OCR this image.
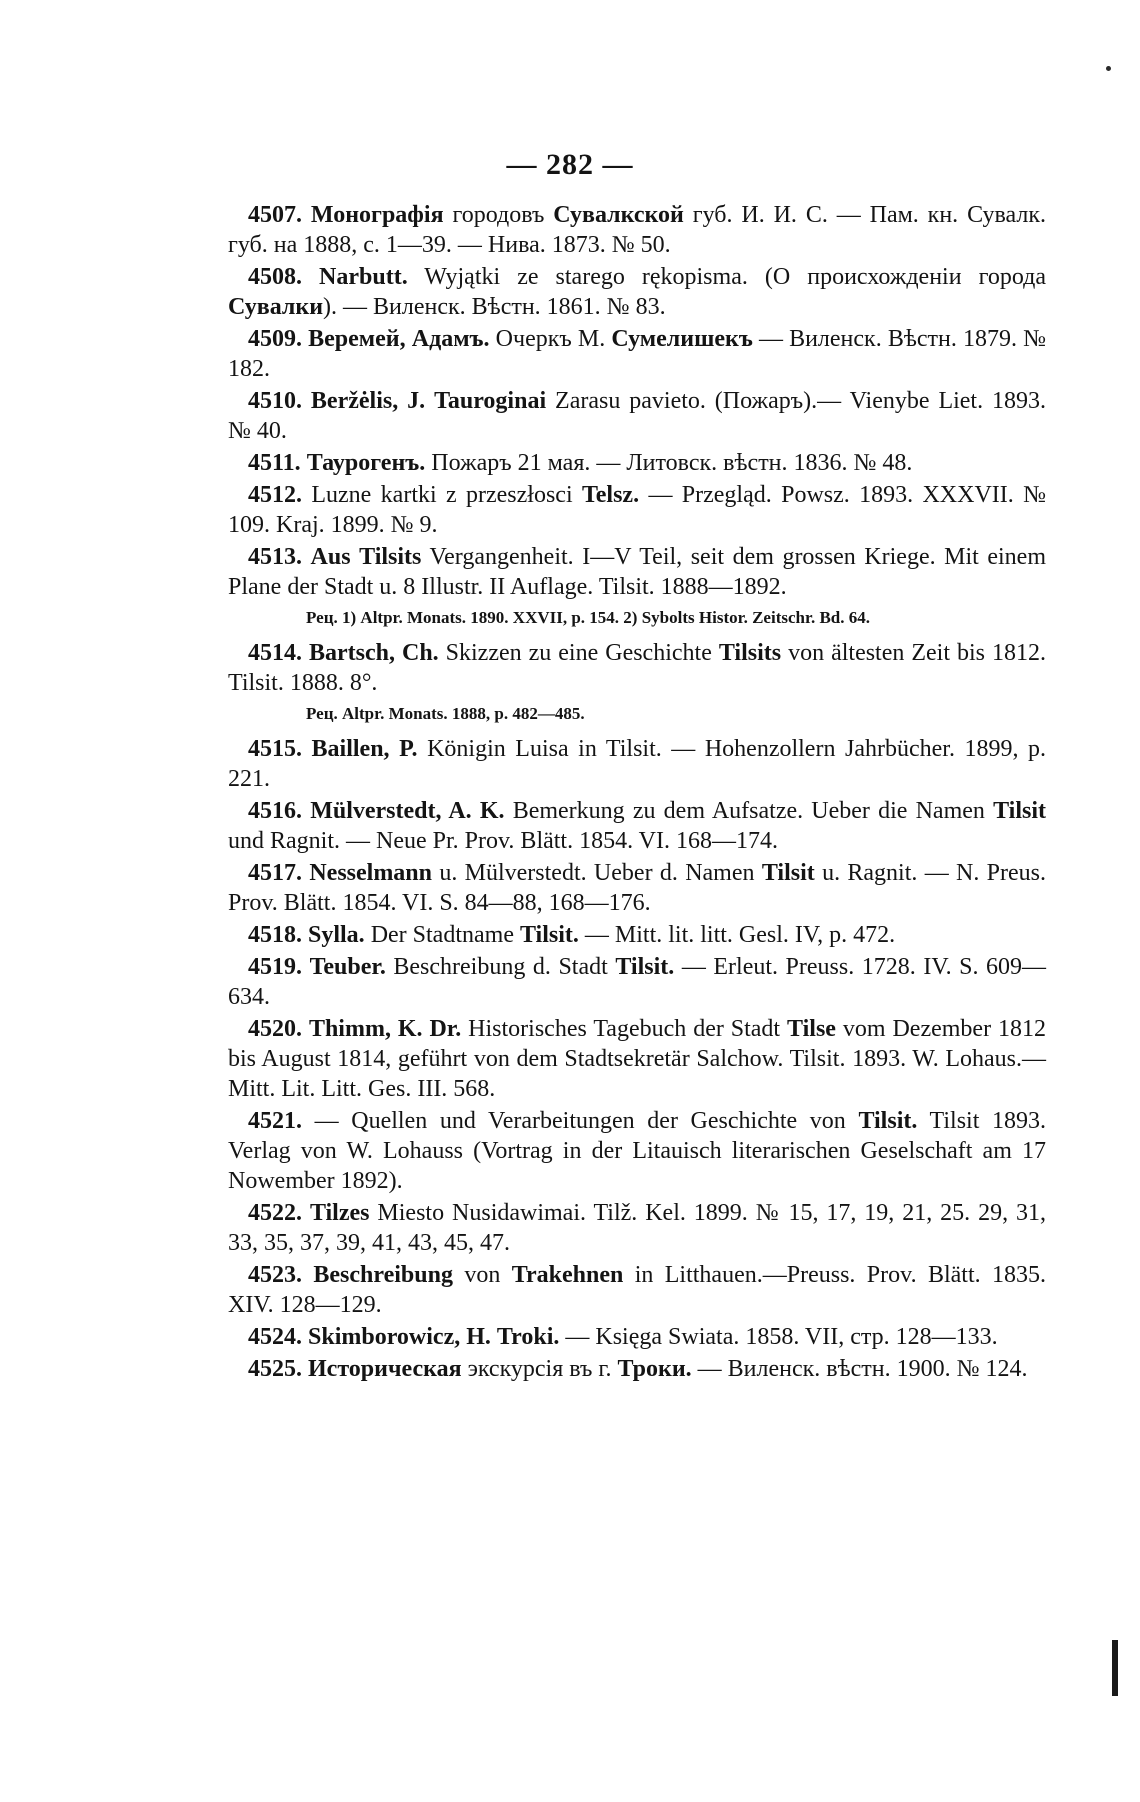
— 282 —

4507. Монографія городовъ Сувалкской губ. И. И. С. — Пам. кн. Сувалк. губ. на 1888, с. 1—39. — Нива. 1873. № 50.

4508. Narbutt. Wyjątki ze starego rękopisma. (О происхожденіи города Сувалки). — Виленск. Вѣстн. 1861. № 83.

4509. Веремей, Адамъ. Очеркъ М. Сумелишекъ — Виленск. Вѣстн. 1879. № 182.

4510. Beržėlis, J. Tauroginai Zarasu pavieto. (Пожаръ).— Vienybe Liet. 1893. № 40.

4511. Таурогенъ. Пожаръ 21 мая. — Литовск. вѣстн. 1836. № 48.

4512. Luzne kartki z przeszłosci Telsz. — Przegląd. Powsz. 1893. XXXVII. № 109. Kraj. 1899. № 9.

4513. Aus Tilsits Vergangenheit. I—V Teil, seit dem grossen Kriege. Mit einem Plane der Stadt u. 8 Illustr. II Auflage. Tilsit. 1888—1892.

Рец. 1) Altpr. Monats. 1890. XXVII, p. 154. 2) Sybolts Histor. Zeitschr. Bd. 64.

4514. Bartsch, Ch. Skizzen zu eine Geschichte Tilsits von ältesten Zeit bis 1812. Tilsit. 1888. 8°.

Рец. Altpr. Monats. 1888, p. 482—485.

4515. Baillen, P. Königin Luisa in Tilsit. — Hohenzollern Jahrbücher. 1899, p. 221.

4516. Mülverstedt, A. K. Bemerkung zu dem Aufsatze. Ueber die Namen Tilsit und Ragnit. — Neue Pr. Prov. Blätt. 1854. VI. 168—174.

4517. Nesselmann u. Mülverstedt. Ueber d. Namen Tilsit u. Ragnit. — N. Preus. Prov. Blätt. 1854. VI. S. 84—88, 168—176.

4518. Sylla. Der Stadtname Tilsit. — Mitt. lit. litt. Gesl. IV, p. 472.

4519. Teuber. Beschreibung d. Stadt Tilsit. — Erleut. Preuss. 1728. IV. S. 609—634.

4520. Thimm, K. Dr. Historisches Tagebuch der Stadt Tilse vom Dezember 1812 bis August 1814, geführt von dem Stadtsekretär Salchow. Tilsit. 1893. W. Lohaus.—Mitt. Lit. Litt. Ges. III. 568.

4521. — Quellen und Verarbeitungen der Geschichte von Tilsit. Tilsit 1893. Verlag von W. Lohauss (Vortrag in der Litauisch literarischen Geselschaft am 17 Nowember 1892).

4522. Tilzes Miesto Nusidawimai. Tilž. Kel. 1899. № 15, 17, 19, 21, 25. 29, 31, 33, 35, 37, 39, 41, 43, 45, 47.

4523. Beschreibung von Trakehnen in Litthauen.—Preuss. Prov. Blätt. 1835. XIV. 128—129.

4524. Skimborowicz, H. Troki. — Księga Swiata. 1858. VII, стр. 128—133.

4525. Историческая экскурсія въ г. Троки. — Виленск. вѣстн. 1900. № 124.
